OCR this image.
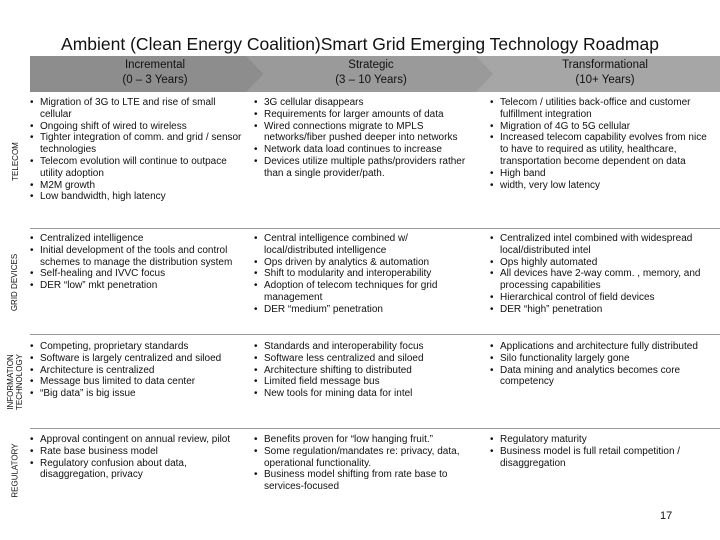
Ambient (Clean Energy Coalition)Smart Grid Emerging Technology Roadmap
Incremental
(0 – 3 Years)
Strategic
(3 – 10 Years)
Transformational
(10+ Years)
TELECOM
GRID DEVICES
INFORMATION TECHNOLOGY
REGULATORY
• Migration of 3G to LTE and rise of small cellular
• Ongoing shift of wired to wireless
• Tighter integration of comm. and grid / sensor technologies
• Telecom evolution will continue to outpace utility adoption
• M2M growth
• Low bandwidth, high latency
• 3G cellular disappears
• Requirements for larger amounts of data
• Wired connections migrate to MPLS networks/fiber pushed deeper into networks
• Network data load continues to increase
• Devices utilize multiple paths/providers rather than a single provider/path.
• Telecom / utilities back-office and customer fulfillment integration
• Migration of 4G to 5G cellular
• Increased telecom capability evolves from nice to have to required as utility, healthcare, transportation become dependent on data
• High band
• width, very low latency
• Centralized intelligence
• Initial development of the tools and control schemes to manage the distribution system
• Self-healing and IVVC focus
• DER “low” mkt penetration
• Central intelligence combined w/ local/distributed intelligence
• Ops driven by analytics & automation
• Shift to modularity and interoperability
• Adoption of telecom techniques for grid management
• DER “medium” penetration
• Centralized intel combined with widespread local/distributed intel
• Ops highly automated
• All devices have 2-way comm. , memory, and processing capabilities
• Hierarchical control of field devices
• DER “high” penetration
• Competing, proprietary standards
• Software is largely centralized and siloed
• Architecture is centralized
• Message bus limited to data center
• “Big data” is big issue
• Standards and interoperability focus
• Software less centralized and siloed
• Architecture shifting to distributed
• Limited field message bus
• New tools for mining data for intel
• Applications and architecture fully distributed
• Silo functionality largely gone
• Data mining and analytics becomes core competency
• Approval contingent on annual review, pilot
• Rate base business model
• Regulatory confusion about data, disaggregation, privacy
• Benefits proven for “low hanging fruit.”
• Some regulation/mandates re: privacy, data, operational functionality.
• Business model shifting from rate base to services-focused
• Regulatory maturity
• Business model is full retail competition / disaggregation
17
